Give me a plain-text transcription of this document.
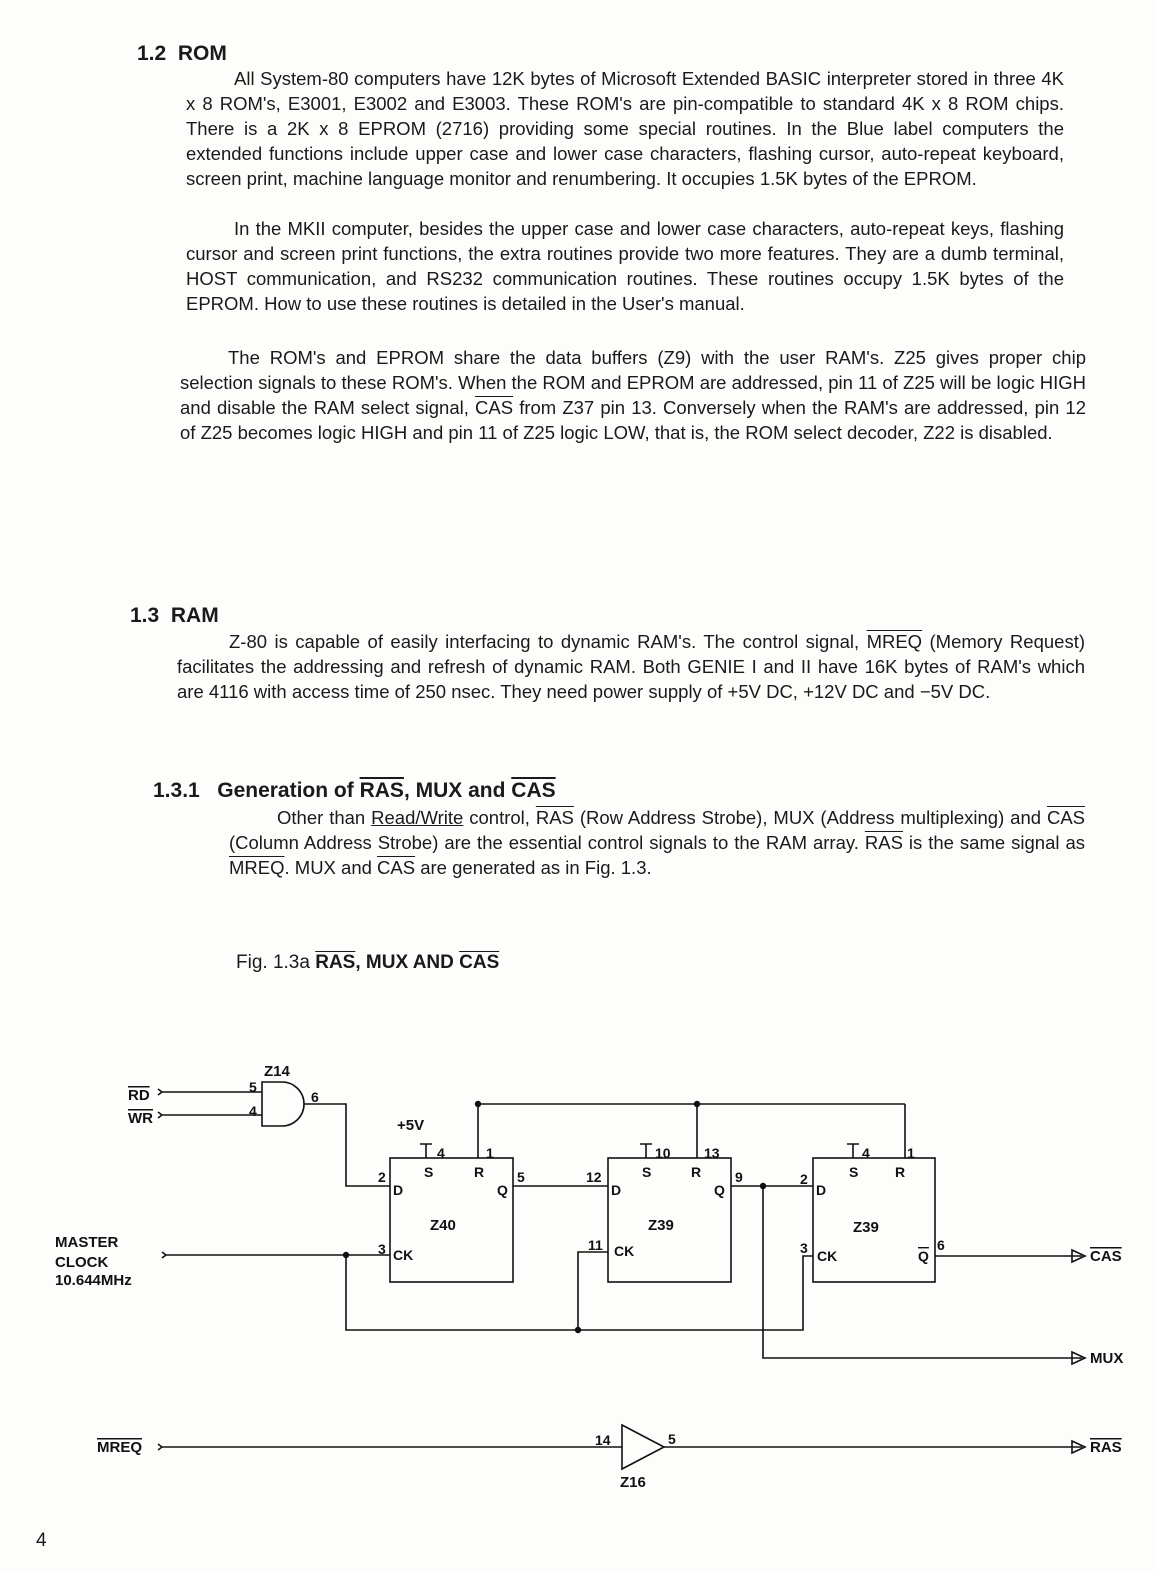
1.2 ROM

All System-80 computers have 12K bytes of Microsoft Extended BASIC interpreter stored in three 4K x 8 ROM's, E3001, E3002 and E3003. These ROM's are pin-compatible to standard 4K x 8 ROM chips. There is a 2K x 8 EPROM (2716) providing some special routines. In the Blue label computers the extended functions include upper case and lower case characters, flashing cursor, auto-repeat keyboard, screen print, machine language monitor and renumbering. It occupies 1.5K bytes of the EPROM.

In the MKII computer, besides the upper case and lower case characters, auto-repeat keys, flashing cursor and screen print functions, the extra routines provide two more features. They are a dumb terminal, HOST communication, and RS232 communication routines. These routines occupy 1.5K bytes of the EPROM. How to use these routines is detailed in the User's manual.

The ROM's and EPROM share the data buffers (Z9) with the user RAM's. Z25 gives proper chip selection signals to these ROM's. When the ROM and EPROM are addressed, pin 11 of Z25 will be logic HIGH and disable the RAM select signal, $\overline{CAS}$ from Z37 pin 13. Conversely when the RAM's are addressed, pin 12 of Z25 becomes logic HIGH and pin 11 of Z25 logic LOW, that is, the ROM select decoder, Z22 is disabled.

1.3 RAM

Z-80 is capable of easily interfacing to dynamic RAM's. The control signal, MREQ (Memory Request) facilitates the addressing and refresh of dynamic RAM. Both GENIE I and II have 16K bytes of RAM's which are 4116 with access time of 250 nsec. They need power supply of +5V DC, +12V DC and −5V DC.

1.3.1 Generation of $\overline{RAS}$, MUX and $\overline{CAS}$

Other than Read/Write control, $\overline{RAS}$ (Row Address Strobe), MUX (Address multiplexing) and $\overline{CAS}$ (Column Address Strobe) are the essential control signals to the RAM array. $\overline{RAS}$ is the same signal as MREQ. MUX and $\overline{CAS}$ are generated as in Fig. 1.3.

Fig. 1.3a $\overline{RAS}$, MUX AND $\overline{CAS}$
RD
WR
Z14
5
4
6
+5V
4	1
S	R
D	Q
CK
2
3
5
Z40
10 13
S	R
D	Q
CK
12
11
9
Z39
MUX
4	1
S	R
D
Q
CK
2
3	6
Z39
CAS
MASTER
CLOCK
10.644MHz
MREQ	14	5
Z16
RAS
4
